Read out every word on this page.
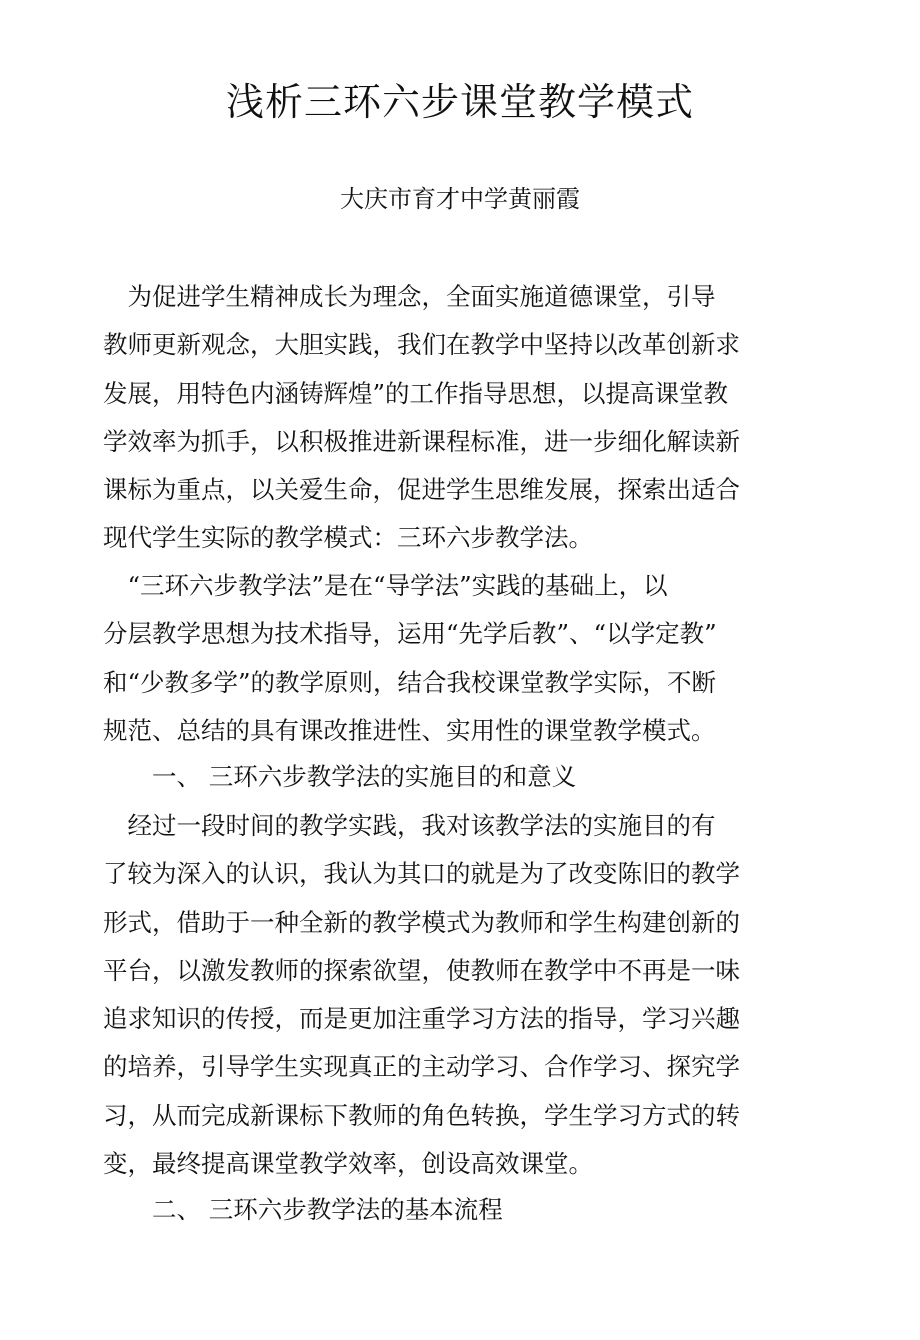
浅析三环六步课堂教学模式
大庆市育才中学黄丽霞

　为促进学生精神成长为理念，全面实施道德课堂，引导
教师更新观念，大胆实践，我们在教学中坚持以改革创新求
发展，用特色内涵铸辉煌”的工作指导思想，以提高课堂教
学效率为抓手，以积极推进新课程标准，进一步细化解读新
课标为重点，以关爱生命，促进学生思维发展，探索出适合
现代学生实际的教学模式：三环六步教学法。

　“三环六步教学法”是在“导学法”实践的基础上，以
分层教学思想为技术指导，运用“先学后教”、“以学定教”
和“少教多学”的教学原则，结合我校课堂教学实际，不断
规范、总结的具有课改推进性、实用性的课堂教学模式。

一、 三环六步教学法的实施目的和意义

　经过一段时间的教学实践，我对该教学法的实施目的有
了较为深入的认识，我认为其口的就是为了改变陈旧的教学
形式，借助于一种全新的教学模式为教师和学生构建创新的
平台，以激发教师的探索欲望，使教师在教学中不再是一味
追求知识的传授，而是更加注重学习方法的指导，学习兴趣
的培养，引导学生实现真正的主动学习、合作学习、探究学
习，从而完成新课标下教师的角色转换，学生学习方式的转
变，最终提高课堂教学效率，创设高效课堂。

二、 三环六步教学法的基本流程
